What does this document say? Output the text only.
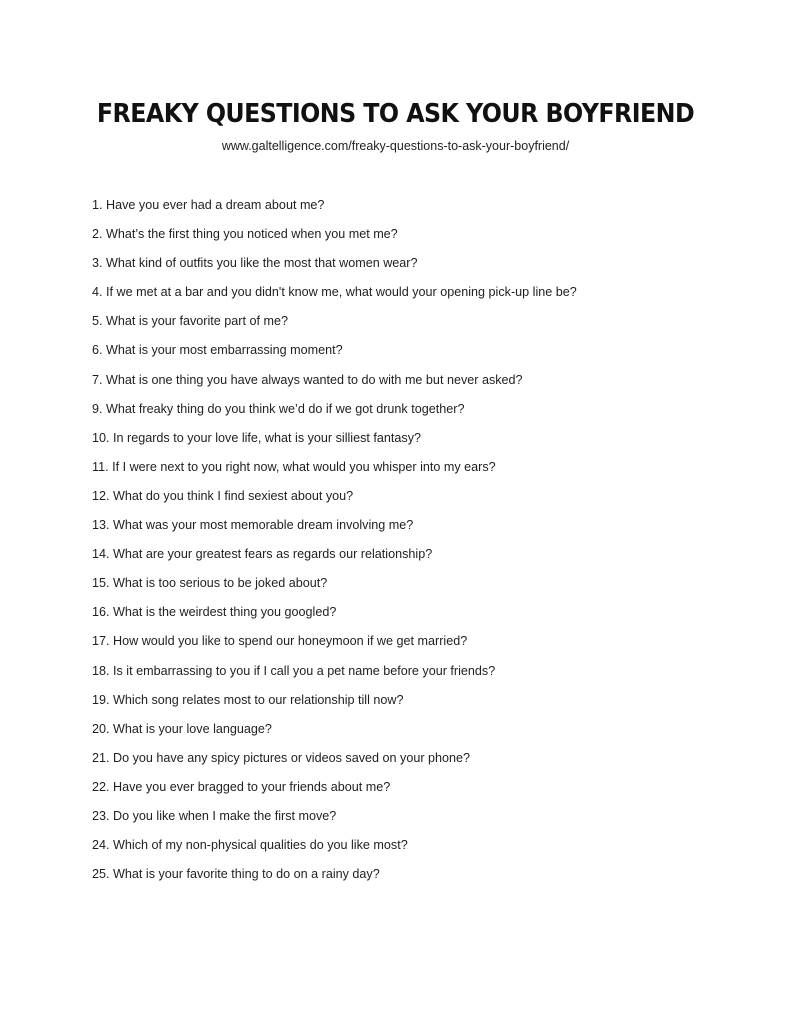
FREAKY QUESTIONS TO ASK YOUR BOYFRIEND
www.galtelligence.com/freaky-questions-to-ask-your-boyfriend/
1 . Have you ever had a dream about me?
2 . What’s the first thing you noticed when you met me?
3 . What kind of outfits you like the most that women wear?
4 . If we met at a bar and you didn't know me, what would your opening pick-up line be?
5 . What is your favorite part of me?
6 . What is your most embarrassing moment?
7 . What is one thing you have always wanted to do with me but never asked?
9 . What freaky thing do you think we’d do if we got drunk together?
10 . In regards to your love life, what is your silliest fantasy?
11 . If I were next to you right now, what would you whisper into my ears?
12 . What do you think I find sexiest about you?
13 . What was your most memorable dream involving me?
14 . What are your greatest fears as regards our relationship?
15 . What is too serious to be joked about?
16 . What is the weirdest thing you googled?
17 . How would you like to spend our honeymoon if we get married?
18 . Is it embarrassing to you if I call you a pet name before your friends?
19 . Which song relates most to our relationship till now?
20 . What is your love language?
21 . Do you have any spicy pictures or videos saved on your phone?
22 . Have you ever bragged to your friends about me?
23 . Do you like when I make the first move?
24 . Which of my non-physical qualities do you like most?
25 . What is your favorite thing to do on a rainy day?
